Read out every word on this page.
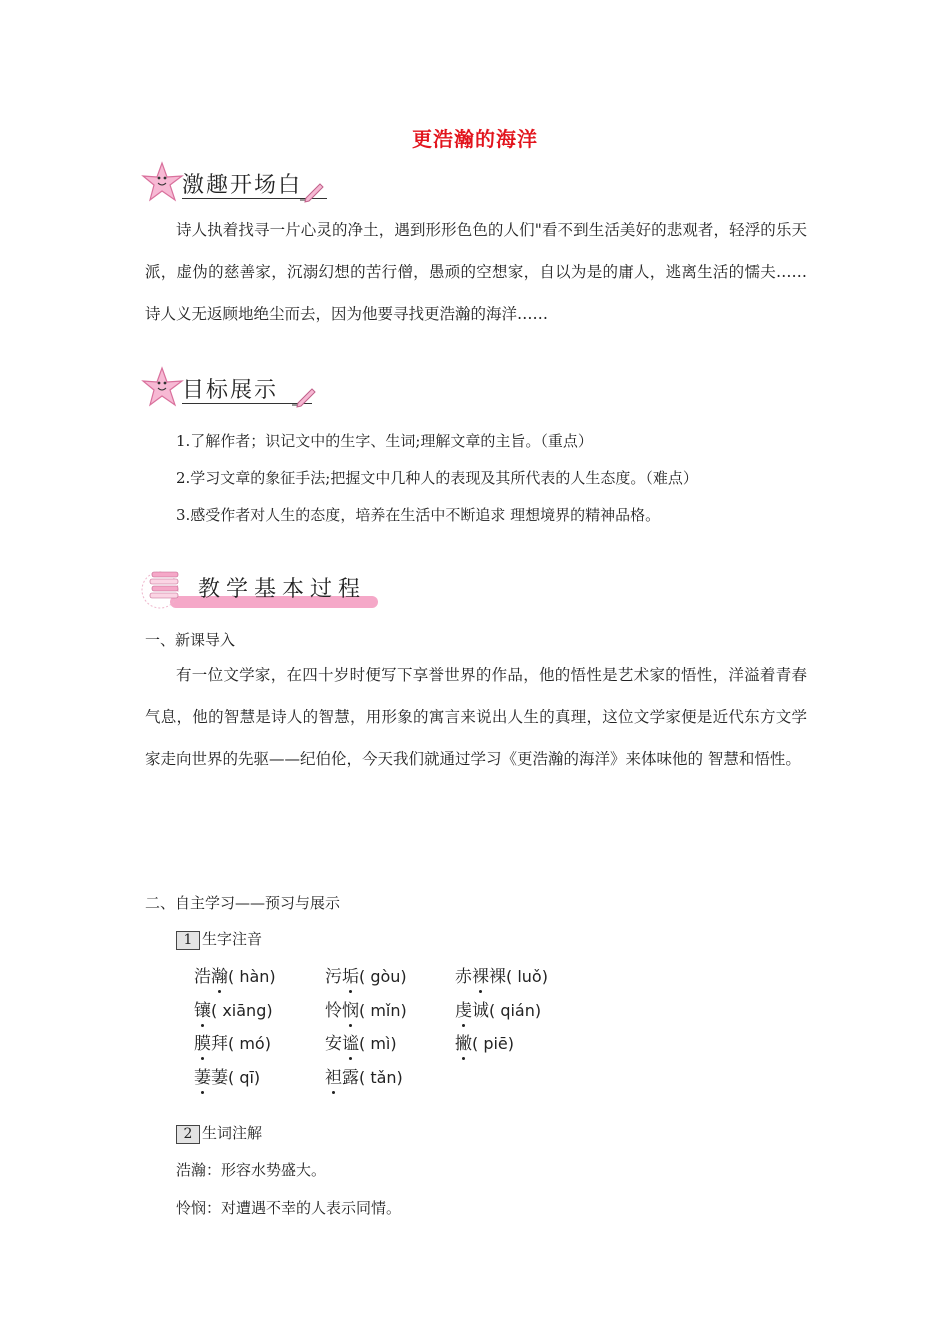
更浩瀚的海洋
激趣开场白
诗人执着找寻一片心灵的净土，遇到形形色色的人们"看不到生活美好的悲观者，轻浮的乐天派，虚伪的慈善家，沉溺幻想的苦行僧，愚顽的空想家，自以为是的庸人，逃离生活的懦夫……诗人义无返顾地绝尘而去，因为他要寻找更浩瀚的海洋……
目标展示
1.了解作者；识记文中的生字、生词;理解文章的主旨。（重点）
2.学习文章的象征手法;把握文中几种人的表现及其所代表的人生态度。（难点）
3.感受作者对人生的态度，培养在生活中不断追求 理想境界的精神品格。
教学基本过程
一、新课导入
有一位文学家，在四十岁时便写下享誉世界的作品，他的悟性是艺术家的悟性，洋溢着青春气息，他的智慧是诗人的智慧，用形象的寓言来说出人生的真理，这位文学家便是近代东方文学家走向世界的先驱——纪伯伦，今天我们就通过学习《更浩瀚的海洋》来体味他的 智慧和悟性。
二、自主学习——预习与展示
1 生字注音
浩瀚( hàn)	污垢( gòu)	赤裸裸( luǒ)
镶( xiāng)	怜悯( mǐn)	虔诚( qián)
膜拜( mó)	安谧( mì)	撇( piē)
萋萋( qī)	袒露( tǎn)
2 生词注解
浩瀚：形容水势盛大。
怜悯：对遭遇不幸的人表示同情。
